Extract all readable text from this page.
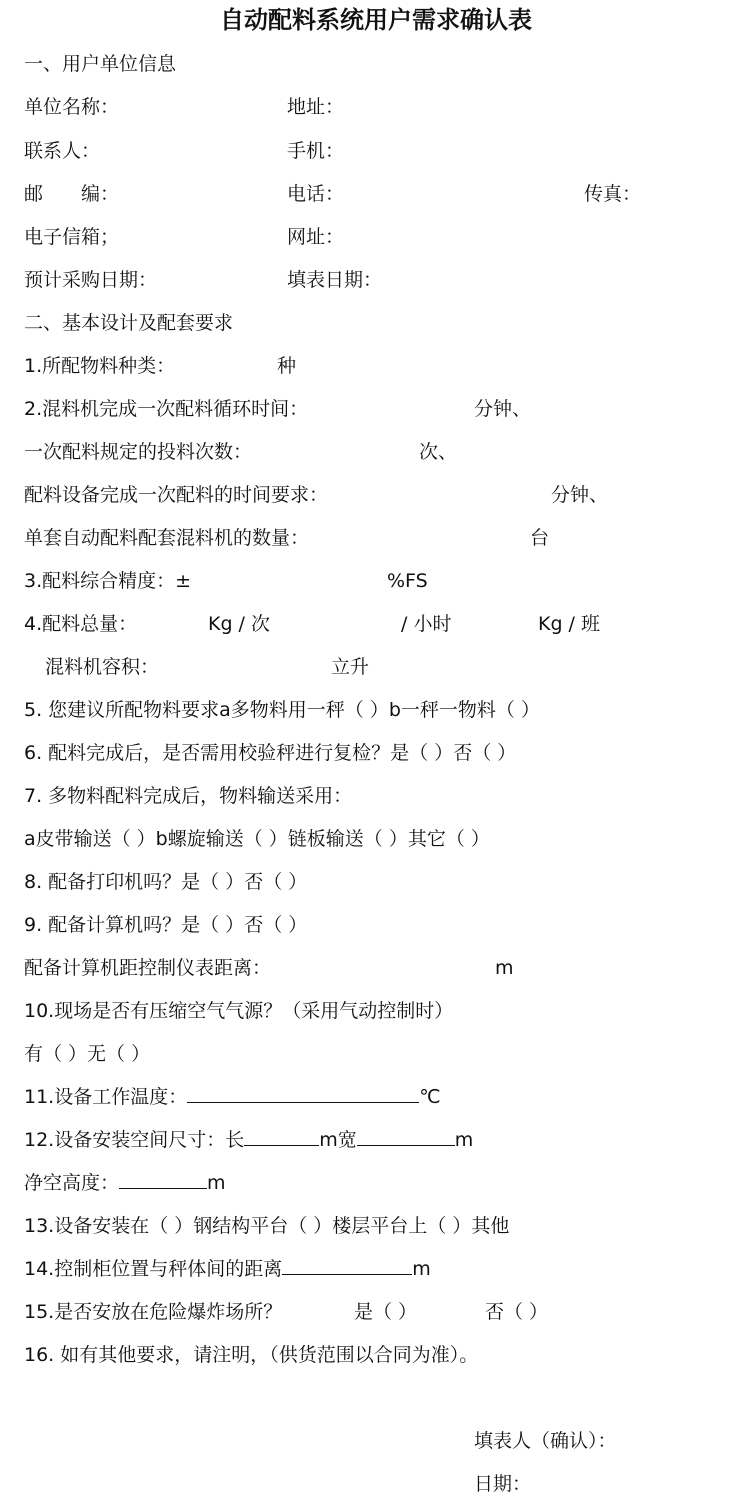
自动配料系统用户需求确认表
一、用户单位信息
单位名称：	地址：
联系人：	手机：
邮　　编：	电话：	传真：
电子信箱；	网址：
预计采购日期：	填表日期：
二、基本设计及配套要求
1.所配物料种类：	种
2.混料机完成一次配料循环时间：	分钟、
一次配料规定的投料次数：	次、
配料设备完成一次配料的时间要求：	分钟、
单套自动配料配套混料机的数量：	台
3.配料综合精度：±	%FS
4.配料总量：	Kg / 次	/ 小时	Kg / 班
混料机容积：	立升
5. 您建议所配物料要求a多物料用一秤（ ）b一秤一物料（ ）
6. 配料完成后，是否需用校验秤进行复检？是（ ）否（ ）
7. 多物料配料完成后，物料输送采用：
a皮带输送（ ）b螺旋输送（ ）链板输送（ ）其它（ ）
8. 配备打印机吗？是（ ）否（ ）
9. 配备计算机吗？是（ ）否（ ）
配备计算机距控制仪表距离：	m
10.现场是否有压缩空气气源？（采用气动控制时）
有（ ）无（ ）
11.设备工作温度：	℃
12.设备安装空间尺寸：长	m宽	m
净空高度：	m
13.设备安装在（ ）钢结构平台（ ）楼层平台上（ ）其他
14.控制柜位置与秤体间的距离	m
15.是否安放在危险爆炸场所？	是（ ）	否（ ）
16. 如有其他要求，请注明，（供货范围以合同为准）。
填表人（确认）：
日期：
